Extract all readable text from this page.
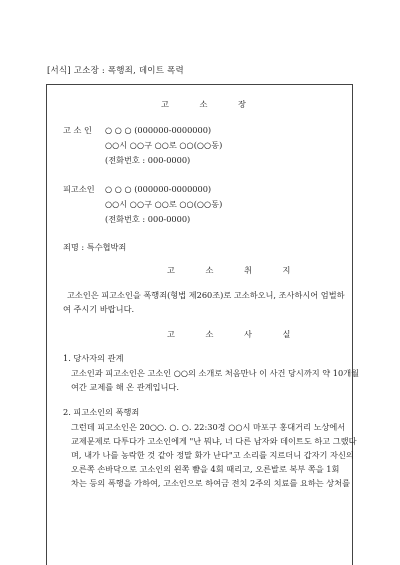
[서식] 고소장 : 폭행죄, 데이트 폭력
고 소 장
고 소 인 ○ ○ ○ (000000-0000000)
○○시 ○○구 ○○로 ○○(○○동)
(전화번호 : 000-0000)
피고소인 ○ ○ ○ (000000-0000000)
○○시 ○○구 ○○로 ○○(○○동)
(전화번호 : 000-0000)
죄명 : 특수협박죄
고 소 취 지
고소인은 피고소인을 폭행죄(형법 제260조)로 고소하오니, 조사하시어 엄벌하
여 주시기 바랍니다.
고 소 사 실
1. 당사자의 관계
고소인과 피고소인은 고소인 ○○의 소개로 처음만나 이 사건 당시까지 약 10개월
여간 교제를 해 온 관계입니다.
2. 피고소인의 폭행죄
그런데 피고소인은 20○○. ○. ○. 22:30경 ○○시 마포구 홍대거리 노상에서
교제문제로 다투다가 고소인에게 "난 뭐냐, 너 다른 남자와 데이트도 하고 그랬다
며, 내가 나를 농락한 것 같아 정말 화가 난다"고 소리를 지르더니 갑자기 자신의
오른쪽 손바닥으로 고소인의 왼쪽 뺨을 4회 때리고, 오른발로 복부 쪽을 1회
차는 등의 폭행을 가하여, 고소인으로 하여금 전치 2주의 치료를 요하는 상처를
